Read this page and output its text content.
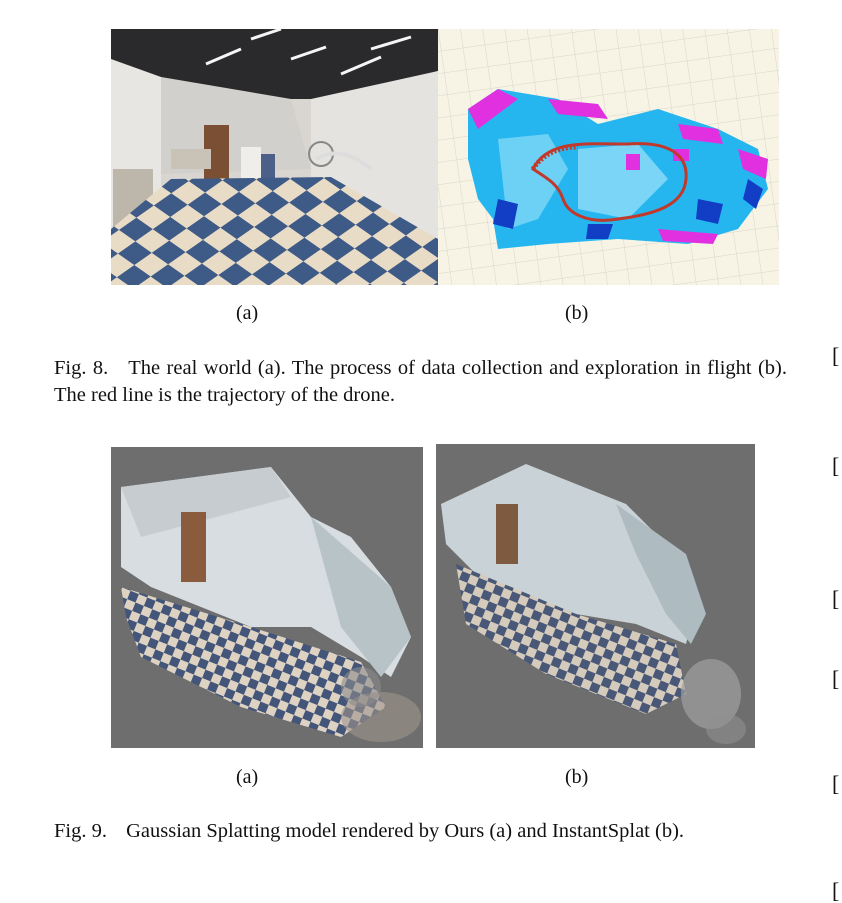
(a)	(b)
Fig. 8. The real world (a). The process of data collection and exploration in flight (b). The red line is the trajectory of the drone.
(a)	(b)
Fig. 9. Gaussian Splatting model rendered by Ours (a) and InstantSplat (b).
[
[
[
[
[
[
